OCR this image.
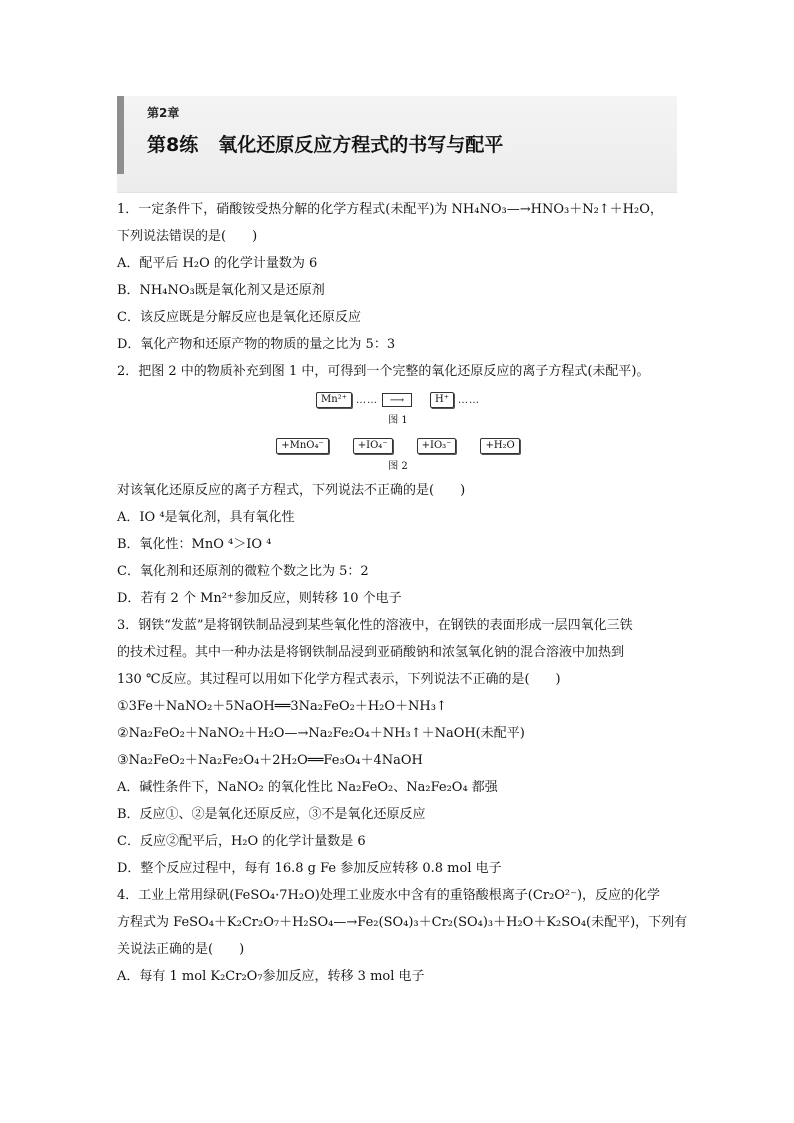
第2章
第8练 氧化还原反应方程式的书写与配平
1．一定条件下，硝酸铵受热分解的化学方程式(未配平)为 NH₄NO₃—→HNO₃＋N₂↑＋H₂O，
下列说法错误的是(　　)
A．配平后 H₂O 的化学计量数为 6
B．NH₄NO₃既是氧化剂又是还原剂
C．该反应既是分解反应也是氧化还原反应
D．氧化产物和还原产物的物质的量之比为 5：3
2．把图 2 中的物质补充到图 1 中，可得到一个完整的氧化还原反应的离子方程式(未配平)。
Mn²⁺ …… ⟶	H⁺ ……
图 1
+MnO₄⁻	+IO₄⁻	+IO₃⁻	+H₂O
图 2
对该氧化还原反应的离子方程式，下列说法不正确的是(　　)
A．IO ⁴是氧化剂，具有氧化性
B．氧化性：MnO ⁴＞IO ⁴
C．氧化剂和还原剂的微粒个数之比为 5：2
D．若有 2 个 Mn²⁺参加反应，则转移 10 个电子
3．钢铁“发蓝”是将钢铁制品浸到某些氧化性的溶液中，在钢铁的表面形成一层四氧化三铁
的技术过程。其中一种办法是将钢铁制品浸到亚硝酸钠和浓氢氧化钠的混合溶液中加热到
130 ℃反应。其过程可以用如下化学方程式表示，下列说法不正确的是(　　)
①3Fe＋NaNO₂＋5NaOH══3Na₂FeO₂＋H₂O＋NH₃↑
②Na₂FeO₂＋NaNO₂＋H₂O—→Na₂Fe₂O₄＋NH₃↑＋NaOH(未配平)
③Na₂FeO₂＋Na₂Fe₂O₄＋2H₂O══Fe₃O₄＋4NaOH
A．碱性条件下，NaNO₂ 的氧化性比 Na₂FeO₂、Na₂Fe₂O₄ 都强
B．反应①、②是氧化还原反应，③不是氧化还原反应
C．反应②配平后，H₂O 的化学计量数是 6
D．整个反应过程中，每有 16.8 g Fe 参加反应转移 0.8 mol 电子
4．工业上常用绿矾(FeSO₄·7H₂O)处理工业废水中含有的重铬酸根离子(Cr₂O²⁻)，反应的化学
方程式为 FeSO₄＋K₂Cr₂O₇＋H₂SO₄—→Fe₂(SO₄)₃＋Cr₂(SO₄)₃＋H₂O＋K₂SO₄(未配平)，下列有
关说法正确的是(　　)
A．每有 1 mol K₂Cr₂O₇参加反应，转移 3 mol 电子
